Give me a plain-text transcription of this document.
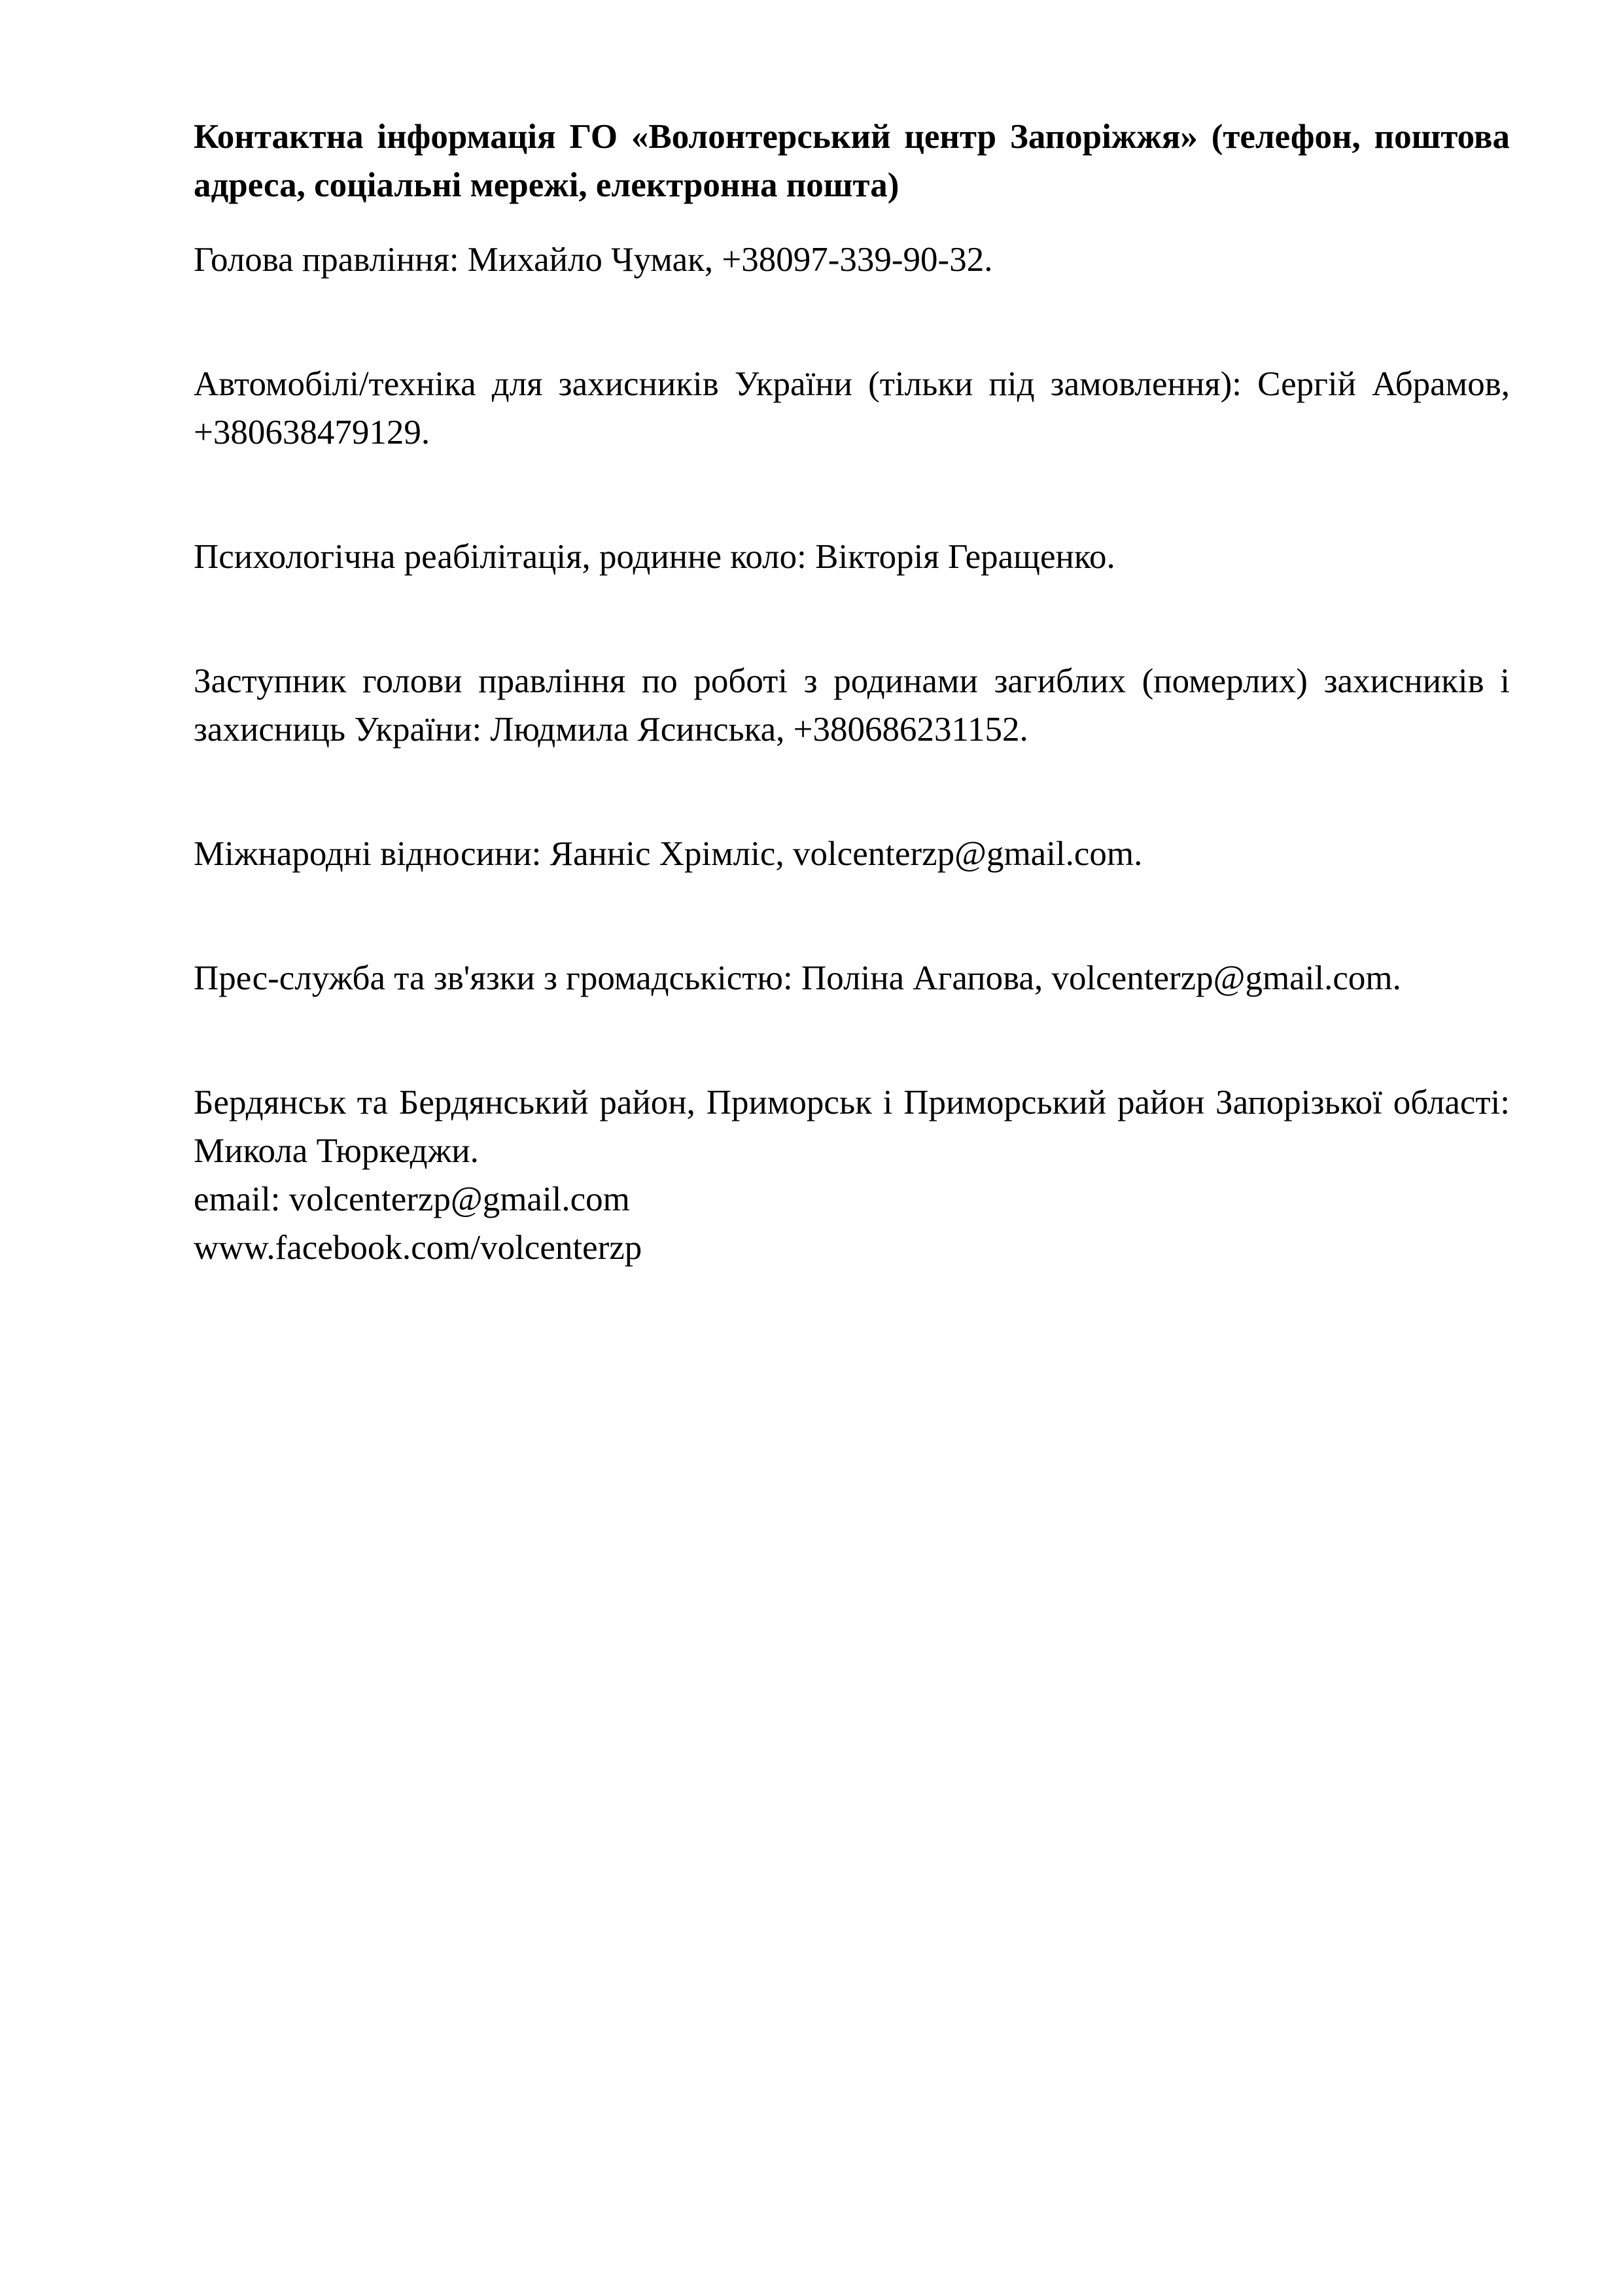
Контактна інформація ГО «Волонтерський центр Запоріжжя» (телефон, поштова адреса, соціальні мережі, електронна пошта)

Голова правління: Михайло Чумак, +38097-339-90-32.

Автомобілі/техніка для захисників України (тільки під замовлення): Сергій Абрамов, +380638479129.

Психологічна реабілітація, родинне коло: Вікторія Геращенко.

Заступник голови правління по роботі з родинами загиблих (померлих) захисників і захисниць України: Людмила Ясинська, +380686231152.

Міжнародні відносини: Яанніс Хрімліс, volcenterzp@gmail.com.

Прес-служба та зв'язки з громадськістю: Поліна Агапова, volcenterzp@gmail.com.

Бердянськ та Бердянський район, Приморськ і Приморський район Запорізької області: Микола Тюркеджи.

email: volcenterzp@gmail.com

www.facebook.com/volcenterzp
